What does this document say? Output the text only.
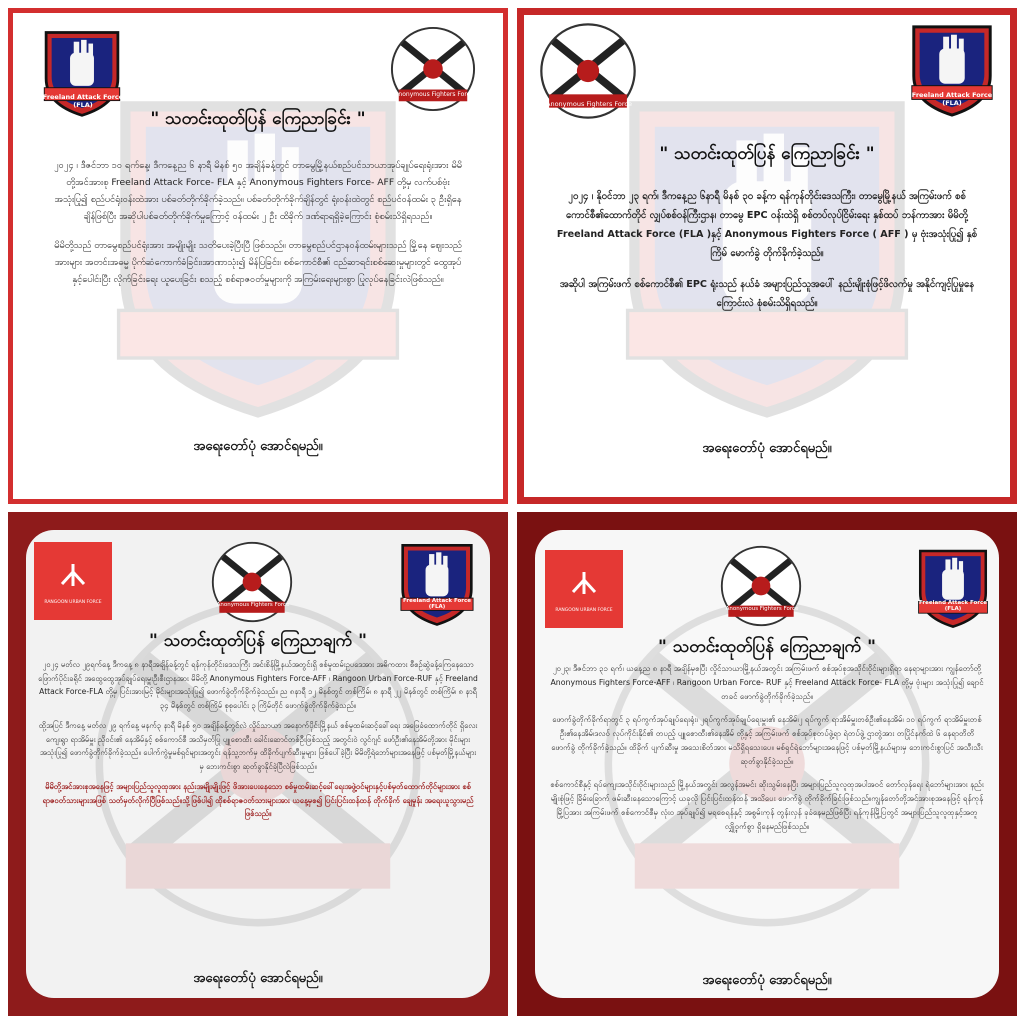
Freeland Attack Force (FLA)
Anonymous Fighters Force
" သတင်းထုတ်ပြန် ကြေညာခြင်း "

၂၀၂၄ ၊ ဒီဇင်ဘာ ၁၀ ရက်နေ့၊ ဒီကနေ့ည ၆ နာရီ မိနစ် ၅၀ အချိန်ခန့်တွင် တာမွေမြို့နယ်စည်ပင်သာယာအုပ်ချုပ်ရေးရုံးအား မိမိတို့အင်အားစု Freeland Attack Force- FLA နှင့် Anonymous Fighters Force- AFF တို့မှ လက်ပစ်ဗုံး အသုံးပြု၍ စည်ပင်ရုံးဝန်းထဲအား ပစ်ခတ်တိုက်ခိုက်ခဲ့သည်။ ပစ်ခတ်တိုက်ခိုက်ချိန်တွင် ရုံးဝန်းထဲတွင် စည်ပင်ဝန်ထမ်း ၃ ဦးရှိနေချိန်ဖြစ်ပြီး အဆိုပါပစ်ခတ်တိုက်ခိုက်မှုကြောင့် ဝန်ထမ်း ၂ ဦး ထိခိုက် ဒဏ်ရာရရှိခဲ့ကြောင်း စုံစမ်းသိရှိရသည်။

မိမိတို့သည် တာမွေစည်ပင်ရုံးအား အမျိုးမျိုး သတိပေးခဲ့ပြီးပြီ ဖြစ်သည်။ တာမွေစည်ပင်ဌာနဝန်ထမ်းများသည် မြို့နေ ဈေးသည်အားများ အတင်းအဓမ္မ ပိုက်ဆံကောက်ခံခြင်း၊အာဏာသုံး၍ မိန်ပြခြင်း၊ စစ်ကောင်စီ၏ ငည်ဆာရင်းစစ်ဆေးမှုများတွင် ထွေအုပ်နှင့်ပေါင်းပြီး လိုက်ခြင်းရေး ယူပေးခြင်း စသည့် စစ်ရာဇဝတ်မှုများကို အကြမ်းရေးများစွာ ပြုလုပ်နေခြင်းလဲဖြစ်သည်။

အရေးတော်ပုံ အောင်ရမည်။
Anonymous Fighters Force
Freeland Attack Force (FLA)
" သတင်းထုတ်ပြန် ကြေညာခြင်း "

၂၀၂၄ ၊ နိုဝင်ဘာ ၂၃ ရက်၊ ဒီကနေ့ည ၆နာရီ မိနစ် ၃၀ ခန့်က ရန်ကုန်တိုင်းဒေသကြီး၊ တာမွေမြို့နယ် အကြမ်းဖက် စစ်ကောင်စီ၏ထောက်တိုင် လျှပ်စစ်ဝန်ကြီးဌာန၊ တာမွေ EPC ဝန်းထဲရှိ စစ်တပ်လုပ်ငြိမ်းရေး နှစ်ထပ် ဘန်ကာအား မိမိတို့ Freeland Attack Force (FLA )နှင့် Anonymous Fighters Force ( AFF ) မှ ဗုံးအသုံးပြု၍ နှစ်ကြိမ် မောက်ခွဲ တိုက်ခိုက်ခဲ့သည်။

အဆိုပါ အကြမ်းဖက် စစ်ကောင်စီ၏ EPC ရုံးသည် နယ်ခံ အများပြည်သူအပေါ် နည်းမျိုးစုံဖြင့်ဖိလက်မှု အနိုင်ကျင့်ပြုမှုနေကြောင်းလဲ စုံစမ်းသိရှိရသည်။

အရေးတော်ပုံ အောင်ရမည်။
RANGOON URBAN FORCE	Anonymous Fighters Force
Freeland Attack Force (FLA)
" သတင်းထုတ်ပြန် ကြေညာချက် "

၂၀၂၄ မတ်လ ၂၉ရက်နေ့ ဒီကနေ့ ၈ နာရီအချိန်ခန့်တွင် ရန်ကုန်တိုင်းဒေသကြီး အင်းစိန်မြို့နယ်အတွင်းရှိ စစ်မှုထမ်းဥပဒေအား အဓိကထား စီစဉ်ဆွဲခန့်ကြေနေသော ဖြောက်ပိုင်းခရိုင် အထွေထွေအုပ်ချုပ်ရေးမှူးဦးစီးဌာနအား မိမိတို့ Anonymous Fighters Force-AFF ၊ Rangoon Urban Force-RUF နှင့် Freeland Attack Force-FLA တို့မှ ပြင်းအားမြင့် မိုင်းများအသုံးပြု၍ ဖောက်ခွဲတိုက်ခိုက်ခဲ့သည်။ ည ၈နာရီ ၁၂ မိနစ်တွင် တစ်ကြိမ်၊ ၈ နာရီ ၂၂ မိနစ်တွင် တစ်ကြိမ်၊ ၈ နာရီ ၃၄ မိနစ်တွင် တစ်ကြိမ် စုစုပေါင်း ၃ ကြိမ်တိုင် ဖောက်ခွဲတိုက်ခိုက်ခဲ့သည်။

ထို့အပြင် ဒီကနေ့ မတ်လ ၂၉ ရက်နေ့ မနက်၃ နာရီ မိနစ် ၅၀ အချိန်ခန့်တွင်လဲ လှိုင်သာယာ အနောက်ပိုင်းမြို့နယ် စစ်မှုထမ်းဆင့်ခေါ်ရေး အဖြေခံထောက်တိုင် ရှိလေးကျေးရွာ ရာအိမ်မှူး ညိုဝင်း၏ နေအိမ်နှင့် စစ်ကောင်စီ အသိမှတ်ပြု ပျူစောထီး ခေါင်းဆောင်တစ်ဦးဖြစ်သည့် အတွင်းဝဲ လွင်ဂျင် ဖော်ဦး၏နေအိမ်တို့အား မိုင်းများအသုံးပြု၍ ဖောက်ခွဲတိုက်ခိုက်ခဲ့သည်။ ပေါက်ကွဲမှုမစ်ရှင်များအတွင်း ရန်သူ့ဘက်မှ ထိခိုက်ပျက်ဆီးမှုများ ဖြစ်ပေါ်ခဲ့ပြီး မိမိတို့ရဲဘော်များအနေဖြင့် ပစ်မှတ်မြို့နယ်များမှ ဘေးကင်းစွာ ဆုတ်ခွာနိုင်ခဲ့ပြီလဲဖြစ်သည်။

မိမိတို့အင်အားစုအနေဖြင့် အများပြည်သူလူထုအား နည်းအမျိုးမျိုးဖြင့် ဖိအားပေးနေသော စစ်မှုထမ်းဆင့်ခေါ်ရေးအဖွဲ့ဝင်များနှင့်ပစ်မှတ်ထောက်တိုင်များအား စစ်ရာဇဝတ်သားများအဖြစ် သတ်မှတ်လိုက်ပြီဖြစ်သည်။သို့ဖြစ်ပါ၍ ထိုစစ်ရာဇဝတ်သားများအား ယနေ့မှစ၍ ပြင်းပြင်းထန်ထန် တိုက်ခိုက် ချေမှုန်း အရေးယူသွားမည်ဖြစ်သည်။

အရေးတော်ပုံ အောင်ရမည်။
RANGOON URBAN FORCE	Anonymous Fighters Force
Freeland Attack Force (FLA)
" သတင်းထုတ်ပြန် ကြေညာချက် "

၂၀၂၃၊ ဒီဇင်ဘာ ၃၁ ရက်၊ ယနေ့ည ၈ နာရီ အချိန်မှစပြီး လှိုင်သာယာမြို့နယ်အတွင်း အကြမ်းဖက် စစ်အုပ်စုအသိုင်းဝိုင်းများရှိရာ နေရာများအား ကျွန်တော်တို့ Anonymous Fighters Force-AFF ၊ Rangoon Urban Force- RUF နှင့် Freeland Attack Force- FLA တို့မှ ဗုံးများ အသုံးပြု၍ ချောင်တခင် ဖောက်ခွဲတိုက်ခိုက်ခဲ့သည်။

ဖောက်ခွဲတိုက်ခိုက်ရာတွင် ၃ ရပ်ကွက်အုပ်ချုပ်ရေးရုံး၊ ၂ရပ်ကွက်အုပ်ချုပ်ရေးမှူး၏ နေအိမ်၊၂ ရပ်ကွက် ရာအိမ်မှူးတစ်ဦး၏နေအိမ်၊ ၁၀ ရပ်ကွက် ရာအိမ်မှူးတစ်ဦး၏နေအိမ်၊ဒလဝ် လုပ်ကိုင်းနိုင်၏ တပည့် ပျူစောထီး၏နေအိမ် တို့နှင့် အကြမ်းဖက် စစ်အုပ်စုတပ်ဖွဲ့ရာ ရဲတပ်ဖွဲ့ ဌာတွဲအား တပြိုင်နက်ထဲ ၆ နေရာတိတိ ဖောက်ခွဲ တိုက်ခိုက်ခဲ့သည်။ ထိခိုက် ပျက်ဆီးမှု အသေးစိတ်အား မသိရှိရသေးပေ။ မစ်ရှင်ရဲဘော်များအနေဖြင့် ပစ်မှတ်မြို့နယ်များမှ ဘေးကင်းစွာပြင် အသီးသီး ဆုတ်ခွာနိုင်ခဲ့သည်။

စစ်ကောင်စီနှင့် ရပ်ကျေးအသိုင်းဝိုင်းများသည် မြို့နယ်အတွင်း အလွန်အမင်း ဆိုးသွမ်းနေပြီး အများပြည်သူလူထုအပါအဝင် တော်လှန်ရေး ရဲဘော်များအား နည်းမျိုးစုံဖြင့် ခြိမ်းခြောက် ဖမ်းဆီးနေသောကြောင့် ယခုလို ပြင်းပြင်းထန်ထန် အသိပေး ဖောက်ခွဲ တိုက်ခိုက်ခြင်းဖြစ်သည်။ကျွန်တော်တို့အင်အားစုအနေဖြင့် ရန်ကုန်မြို့ပြအား အကြမ်းဖက် စစ်ကောင်စီမှ လုံးဝ အုပ်ချုပ်၍ မရစေရန်နှင့် အစွမ်းကုန် တွန်းလှန် ခုခံနေမည်ဖြစ်ပြီး ရန်ကုန်မြို့ပြတွင် အများပြည်သူလူထုနှင့်အတူ လျှို့ဝှက်စွာ ရှိနေမည်ဖြစ်သည်။

အရေးတော်ပုံ အောင်ရမည်။
